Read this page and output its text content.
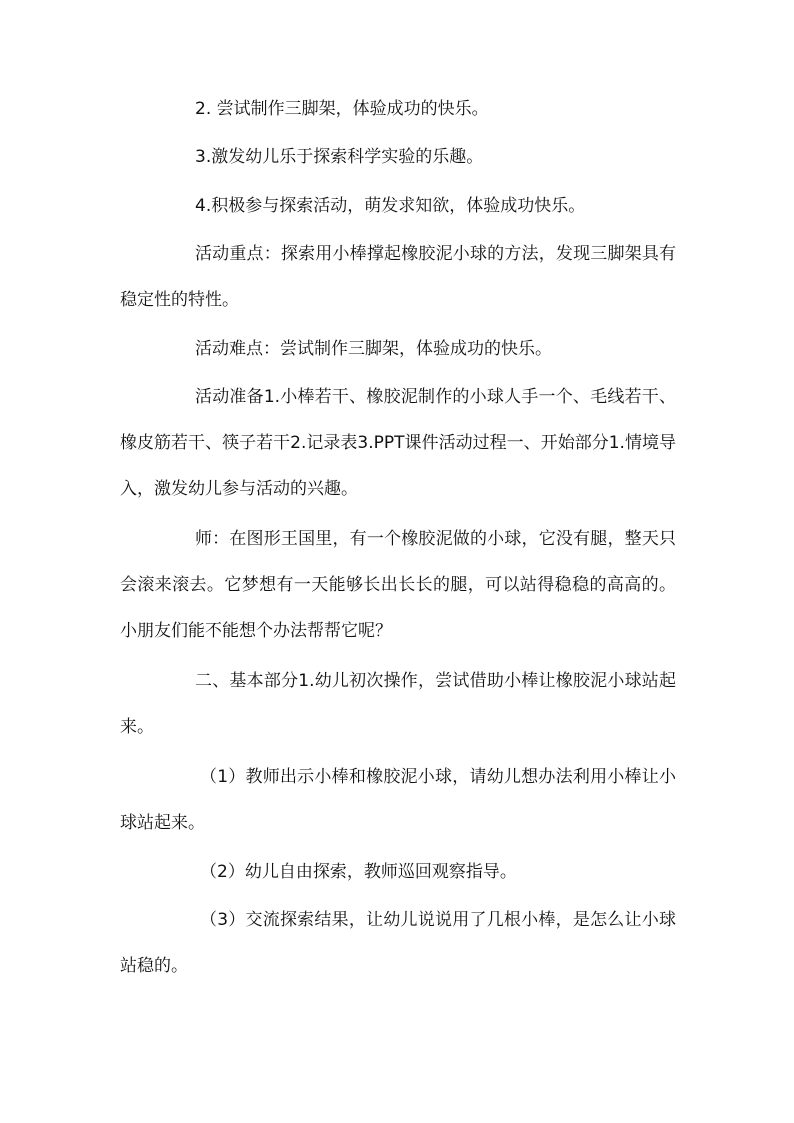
2. 尝试制作三脚架，体验成功的快乐。

3.激发幼儿乐于探索科学实验的乐趣。

4.积极参与探索活动，萌发求知欲，体验成功快乐。

活动重点：探索用小棒撑起橡胶泥小球的方法，发现三脚架具有稳定性的特性。

活动难点：尝试制作三脚架，体验成功的快乐。

活动准备1.小棒若干、橡胶泥制作的小球人手一个、毛线若干、橡皮筋若干、筷子若干2.记录表3.PPT课件活动过程一、开始部分1.情境导入，激发幼儿参与活动的兴趣。

师：在图形王国里，有一个橡胶泥做的小球，它没有腿，整天只会滚来滚去。它梦想有一天能够长出长长的腿，可以站得稳稳的高高的。小朋友们能不能想个办法帮帮它呢？

二、基本部分1.幼儿初次操作，尝试借助小棒让橡胶泥小球站起来。

（1）教师出示小棒和橡胶泥小球，请幼儿想办法利用小棒让小球站起来。

（2）幼儿自由探索，教师巡回观察指导。

（3）交流探索结果，让幼儿说说用了几根小棒，是怎么让小球站稳的。
